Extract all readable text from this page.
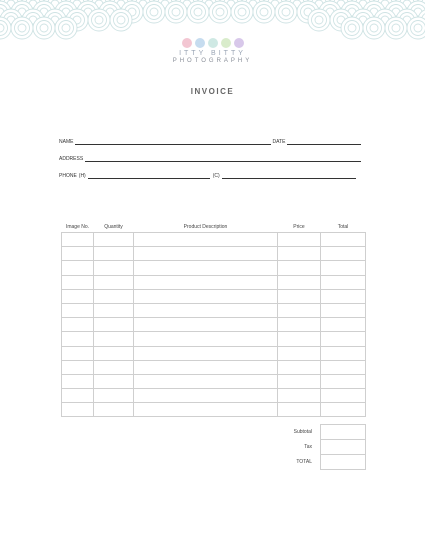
ITTY BITTY
PHOTOGRAPHY
INVOICE
NAME	DATE
ADDRESS
PHONE (H)	(C)
Image No.	Quantity	Product Description	Price	Total

Subtotal	
Tax	
TOTAL	
